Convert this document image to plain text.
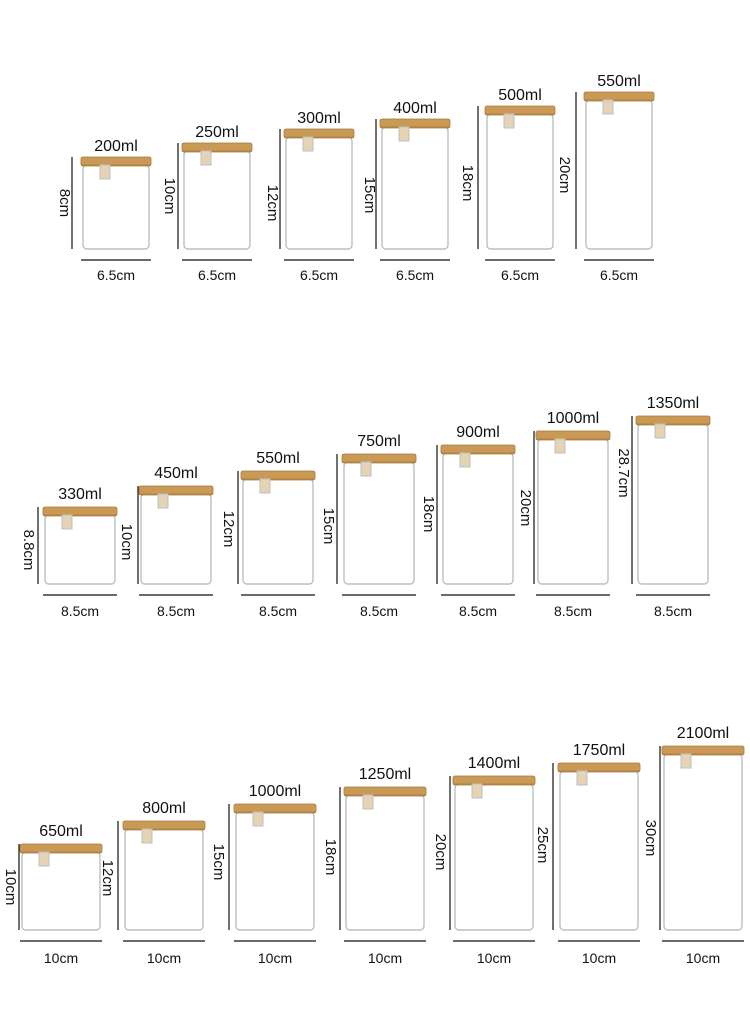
200ml
8cm
6.5cm
250ml
10cm
6.5cm
300ml
12cm
6.5cm
400ml
15cm
6.5cm
500ml
18cm
6.5cm
550ml
20cm
6.5cm
330ml
8.8cm
8.5cm
450ml
10cm
8.5cm
550ml
12cm
8.5cm
750ml
15cm
8.5cm
900ml
18cm
8.5cm
1000ml
20cm
8.5cm
1350ml
28.7cm
8.5cm
650ml
10cm
10cm
800ml
12cm
10cm
1000ml
15cm
10cm
1250ml
18cm
10cm
1400ml
20cm
10cm
1750ml
25cm
10cm
2100ml
30cm
10cm
